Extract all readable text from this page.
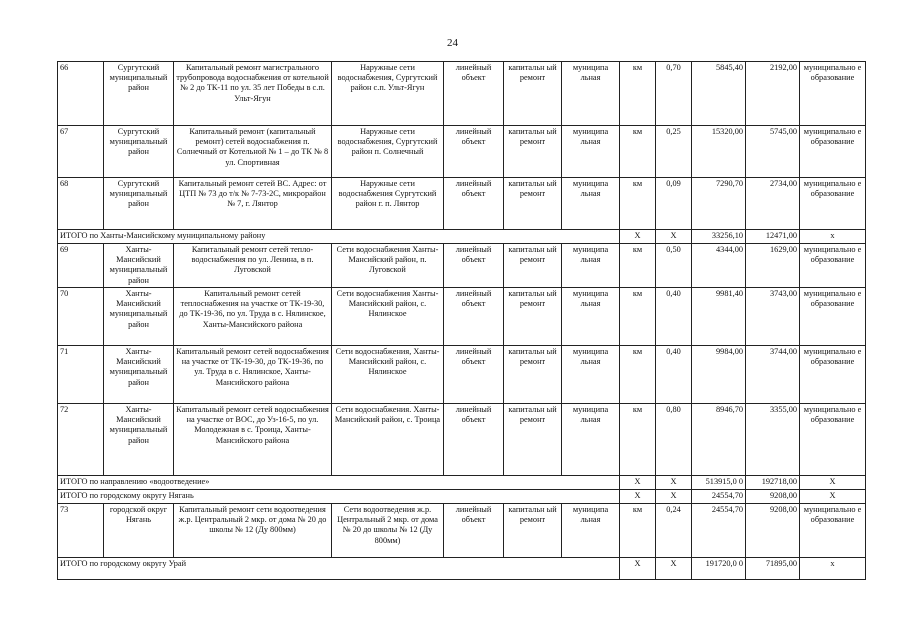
24
66	Сургутский муниципальный район	Капитальный ремонт магистрального трубопровода водоснабжения от котельной № 2 до ТК-11 по ул. 35 лет Победы в с.п. Ульт-Ягун	Наружные сети водоснабжения, Сургутский район с.п. Ульт-Ягун	линейный объект	капитальн ый ремонт	муниципа льная	км	0,70	5845,40	2192,00	муниципально е образование
67	Сургутский муниципальный район	Капитальный ремонт (капитальный ремонт) сетей водоснабжения п. Солнечный от Котельной № 1 – до ТК № 8 ул. Спортивная	Наружные сети водоснабжения, Сургутский район п. Солнечный	линейный объект	капитальн ый ремонт	муниципа льная	км	0,25	15320,00	5745,00	муниципально е образование
68	Сургутский муниципальный район	Капитальный ремонт сетей ВС. Адрес: от ЦТП № 73 до т/к № 7-73-2С, микрорайон № 7, г. Лянтор	Наружные сети водоснабжения Сургутский район г. п. Лянтор	линейный объект	капитальн ый ремонт	муниципа льная	км	0,09	7290,70	2734,00	муниципально е образование
ИТОГО по Ханты-Мансийскому муниципальному району							Х	Х	33256,10	12471,00	х
69	Ханты-Мансийский муниципальный район	Капитальный ремонт сетей тепло-водоснабжения по ул. Ленина, в п. Луговской	Сети водоснабжения Ханты-Мансийский район, п. Луговской	линейный объект	капитальн ый ремонт	муниципа льная	км	0,50	4344,00	1629,00	муниципально е образование
70	Ханты-Мансийский муниципальный район	Капитальный ремонт сетей теплоснабжения на участке от ТК-19-30, до ТК-19-36, по ул. Труда в с. Нялинское, Ханты-Мансийского района	Сети водоснабжения Ханты-Мансийский район, с. Нялинское	линейный объект	капитальн ый ремонт	муниципа льная	км	0,40	9981,40	3743,00	муниципально е образование
71	Ханты-Мансийский муниципальный район	Капитальный ремонт сетей водоснабжения на участке от ТК-19-30, до ТК-19-36, по ул. Труда в с. Нялинское, Ханты-Мансийского района	Сети водоснабжения, Ханты-Мансийский район, с. Нялинское	линейный объект	капитальн ый ремонт	муниципа льная	км	0,40	9984,00	3744,00	муниципально е образование
72	Ханты-Мансийский муниципальный район	Капитальный ремонт сетей водоснабжения на участке от ВОС, до Уз-16-5, по ул. Молодежная в с. Троица, Ханты-Мансийского района	Сети водоснабжения. Ханты-Мансийский район, с. Троица	линейный объект	капитальн ый ремонт	муниципа льная	км	0,80	8946,70	3355,00	муниципально е образование
ИТОГО по направлению «водоотведение»							Х	Х	513915,0 0	192718,00	Х
ИТОГО по городскому округу Нягань							Х	Х	24554,70	9208,00	Х
73	городской округ Нягань	Капитальный ремонт сети водоотведения ж.р. Центральный 2 мкр. от дома № 20 до школы № 12 (Ду 800мм)	Сети водоотведения ж.р. Центральный 2 мкр. от дома № 20 до школы № 12 (Ду 800мм)	линейный объект	капитальн ый ремонт	муниципа льная	км	0,24	24554,70	9208,00	муниципально е образование
ИТОГО по городскому округу Урай							Х	Х	191720,0 0	71895,00	х
